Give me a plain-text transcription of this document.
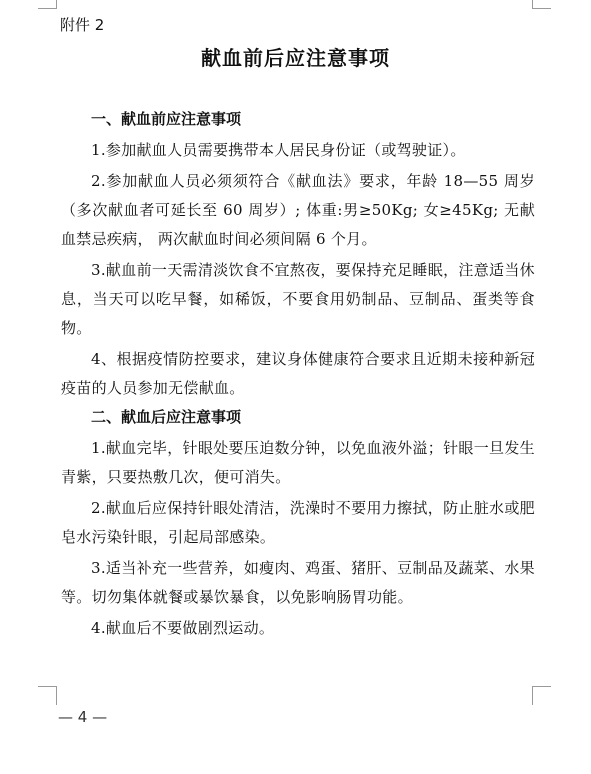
附件 2
献血前后应注意事项

一、献血前应注意事项

1.参加献血人员需要携带本人居民身份证（或驾驶证）。

2.参加献血人员必须须符合《献血法》要求，年龄 18—55 周岁（多次献血者可延长至 60 周岁）; 体重:男≥50Kg; 女≥45Kg; 无献血禁忌疾病， 两次献血时间必须间隔 6 个月。

3.献血前一天需清淡饮食不宜熬夜，要保持充足睡眠，注意适当休息，当天可以吃早餐，如稀饭，不要食用奶制品、豆制品、蛋类等食物。

4、根据疫情防控要求，建议身体健康符合要求且近期未接种新冠疫苗的人员参加无偿献血。

二、献血后应注意事项

1.献血完毕，针眼处要压迫数分钟，以免血液外溢；针眼一旦发生青紫，只要热敷几次，便可消失。

2.献血后应保持针眼处清洁，洗澡时不要用力擦拭，防止脏水或肥皂水污染针眼，引起局部感染。

3.适当补充一些营养，如瘦肉、鸡蛋、猪肝、豆制品及蔬菜、水果等。切勿集体就餐或暴饮暴食，以免影响肠胃功能。

4.献血后不要做剧烈运动。

— 4 —
